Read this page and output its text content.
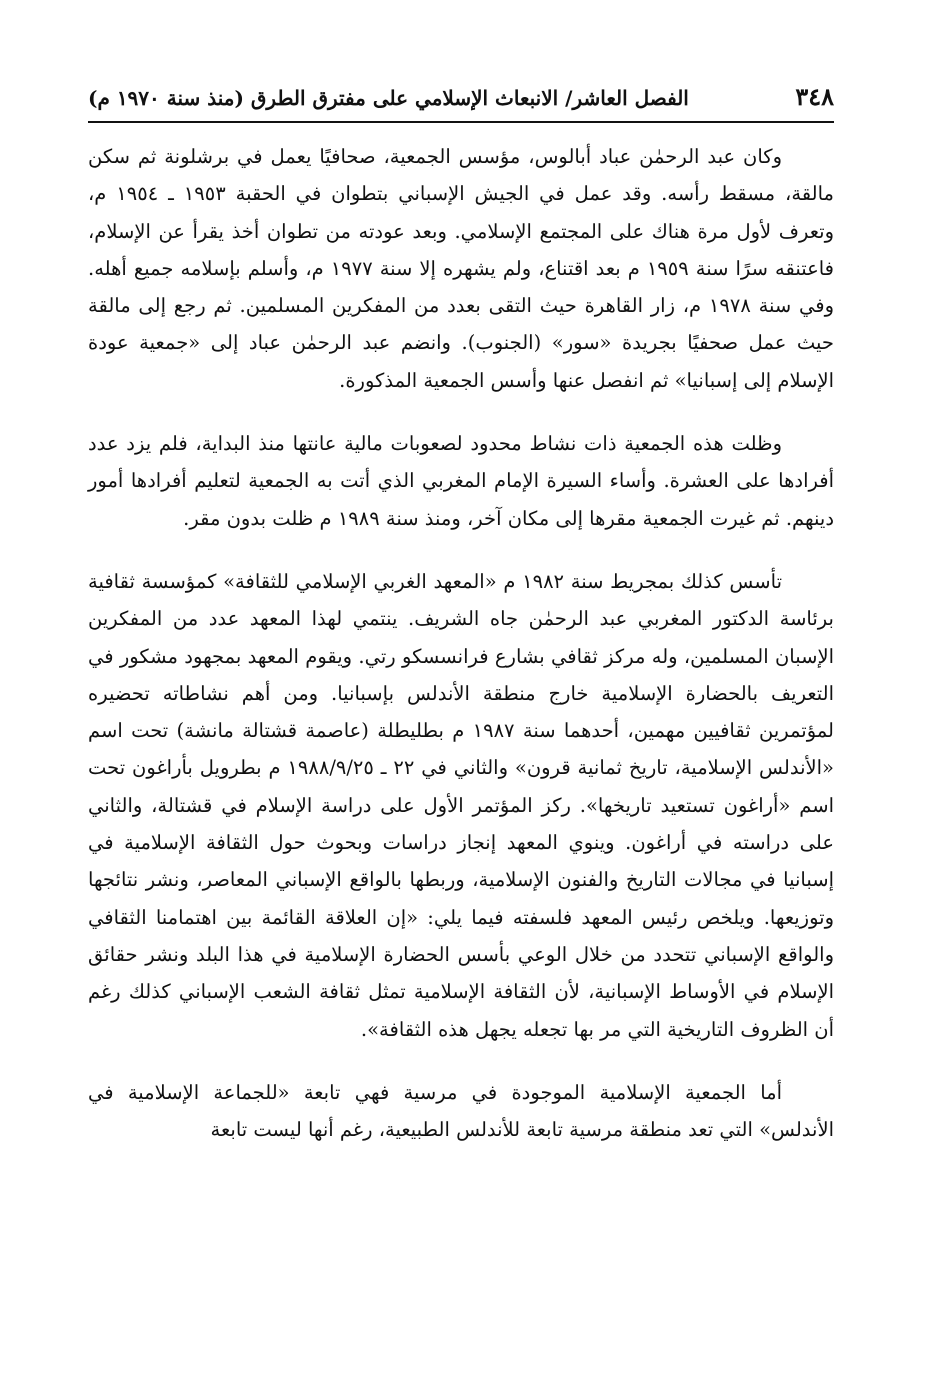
٣٤٨
الفصل العاشر/ الانبعاث الإسلامي على مفترق الطرق (منذ سنة ١٩٧٠ م)

وكان عبد الرحمٰن عباد أبالوس، مؤسس الجمعية، صحافيًا يعمل في برشلونة ثم سكن مالقة، مسقط رأسه. وقد عمل في الجيش الإسباني بتطوان في الحقبة ١٩٥٣ ـ ١٩٥٤ م، وتعرف لأول مرة هناك على المجتمع الإسلامي. وبعد عودته من تطوان أخذ يقرأ عن الإسلام، فاعتنقه سرًا سنة ١٩٥٩ م بعد اقتناع، ولم يشهره إلا سنة ١٩٧٧ م، وأسلم بإسلامه جميع أهله. وفي سنة ١٩٧٨ م، زار القاهرة حيث التقى بعدد من المفكرين المسلمين. ثم رجع إلى مالقة حيث عمل صحفيًا بجريدة «سور» (الجنوب). وانضم عبد الرحمٰن عباد إلى «جمعية عودة الإسلام إلى إسبانيا» ثم انفصل عنها وأسس الجمعية المذكورة.

وظلت هذه الجمعية ذات نشاط محدود لصعوبات مالية عانتها منذ البداية، فلم يزد عدد أفرادها على العشرة. وأساء السيرة الإمام المغربي الذي أتت به الجمعية لتعليم أفرادها أمور دينهم. ثم غيرت الجمعية مقرها إلى مكان آخر، ومنذ سنة ١٩٨٩ م ظلت بدون مقر.

تأسس كذلك بمجريط سنة ١٩٨٢ م «المعهد الغربي الإسلامي للثقافة» كمؤسسة ثقافية برئاسة الدكتور المغربي عبد الرحمٰن جاه الشريف. ينتمي لهذا المعهد عدد من المفكرين الإسبان المسلمين، وله مركز ثقافي بشارع فرانسسكو رتي. ويقوم المعهد بمجهود مشكور في التعريف بالحضارة الإسلامية خارج منطقة الأندلس بإسبانيا. ومن أهم نشاطاته تحضيره لمؤتمرين ثقافيين مهمين، أحدهما سنة ١٩٨٧ م بطليطلة (عاصمة قشتالة مانشة) تحت اسم «الأندلس الإسلامية، تاريخ ثمانية قرون» والثاني في ٢٢ ـ ١٩٨٨/٩/٢٥ م بطرويل بأراغون تحت اسم «أراغون تستعيد تاريخها». ركز المؤتمر الأول على دراسة الإسلام في قشتالة، والثاني على دراسته في أراغون. وينوي المعهد إنجاز دراسات وبحوث حول الثقافة الإسلامية في إسبانيا في مجالات التاريخ والفنون الإسلامية، وربطها بالواقع الإسباني المعاصر، ونشر نتائجها وتوزيعها. ويلخص رئيس المعهد فلسفته فيما يلي: «إن العلاقة القائمة بين اهتمامنا الثقافي والواقع الإسباني تتحدد من خلال الوعي بأسس الحضارة الإسلامية في هذا البلد ونشر حقائق الإسلام في الأوساط الإسبانية، لأن الثقافة الإسلامية تمثل ثقافة الشعب الإسباني كذلك رغم أن الظروف التاريخية التي مر بها تجعله يجهل هذه الثقافة».

أما الجمعية الإسلامية الموجودة في مرسية فهي تابعة «للجماعة الإسلامية في الأندلس» التي تعد منطقة مرسية تابعة للأندلس الطبيعية، رغم أنها ليست تابعة
